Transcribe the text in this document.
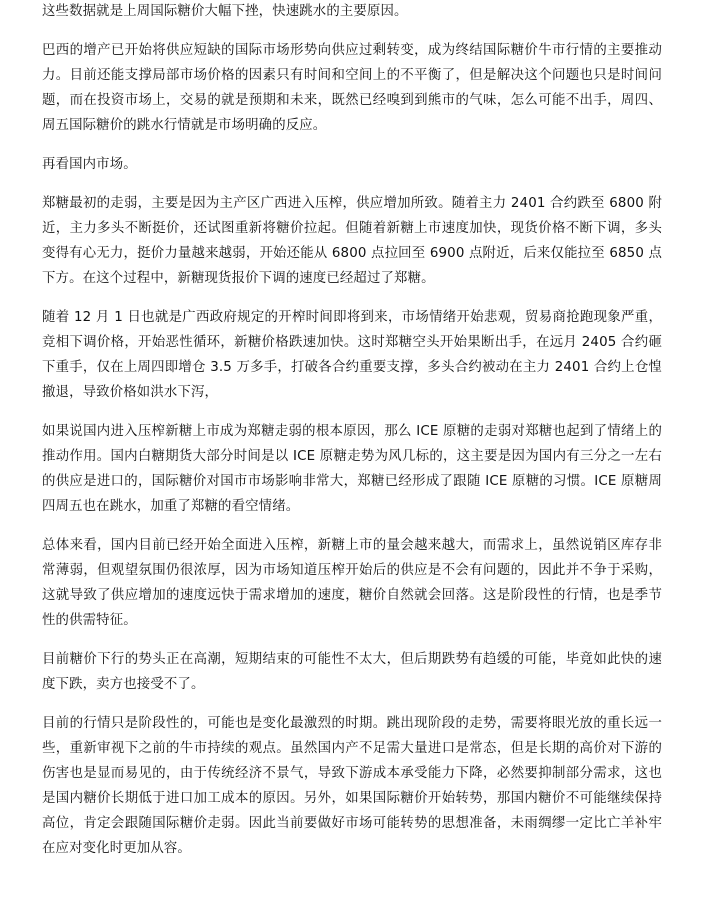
这些数据就是上周国际糖价大幅下挫，快速跳水的主要原因。

巴西的增产已开始将供应短缺的国际市场形势向供应过剩转变，成为终结国际糖价牛市行情的主要推动力。目前还能支撑局部市场价格的因素只有时间和空间上的不平衡了，但是解决这个问题也只是时间问题，而在投资市场上，交易的就是预期和未来，既然已经嗅到到熊市的气味，怎么可能不出手，周四、周五国际糖价的跳水行情就是市场明确的反应。

再看国内市场。

郑糖最初的走弱，主要是因为主产区广西进入压榨，供应增加所致。随着主力 2401 合约跌至 6800 附近，主力多头不断挺价，还试图重新将糖价拉起。但随着新糖上市速度加快，现货价格不断下调，多头变得有心无力，挺价力量越来越弱，开始还能从 6800 点拉回至 6900 点附近，后来仅能拉至 6850 点下方。在这个过程中，新糖现货报价下调的速度已经超过了郑糖。

随着 12 月 1 日也就是广西政府规定的开榨时间即将到来，市场情绪开始悲观，贸易商抢跑现象严重，竞相下调价格，开始恶性循环，新糖价格跌速加快。这时郑糖空头开始果断出手，在远月 2405 合约砸下重手，仅在上周四即增仓 3.5 万多手，打破各合约重要支撑，多头合约被动在主力 2401 合约上仓惶撤退，导致价格如洪水下泻，

如果说国内进入压榨新糖上市成为郑糖走弱的根本原因，那么 ICE 原糖的走弱对郑糖也起到了情绪上的推动作用。国内白糖期货大部分时间是以 ICE 原糖走势为风几标的，这主要是因为国内有三分之一左右的供应是进口的，国际糖价对国市市场影响非常大，郑糖已经形成了跟随 ICE 原糖的习惯。ICE 原糖周四周五也在跳水，加重了郑糖的看空情绪。

总体来看，国内目前已经开始全面进入压榨，新糖上市的量会越来越大，而需求上，虽然说销区库存非常薄弱，但观望氛围仍很浓厚，因为市场知道压榨开始后的供应是不会有问题的，因此并不争于采购，这就导致了供应增加的速度远快于需求增加的速度，糖价自然就会回落。这是阶段性的行情，也是季节性的供需特征。

目前糖价下行的势头正在高潮，短期结束的可能性不太大，但后期跌势有趋缓的可能，毕竟如此快的速度下跌，卖方也接受不了。

目前的行情只是阶段性的，可能也是变化最激烈的时期。跳出现阶段的走势，需要将眼光放的重长远一些，重新审视下之前的牛市持续的观点。虽然国内产不足需大量进口是常态，但是长期的高价对下游的伤害也是显而易见的，由于传统经济不景气，导致下游成本承受能力下降，必然要抑制部分需求，这也是国内糖价长期低于进口加工成本的原因。另外，如果国际糖价开始转势，那国内糖价不可能继续保持高位，肯定会跟随国际糖价走弱。因此当前要做好市场可能转势的思想准备，未雨绸缪一定比亡羊补牢在应对变化时更加从容。
